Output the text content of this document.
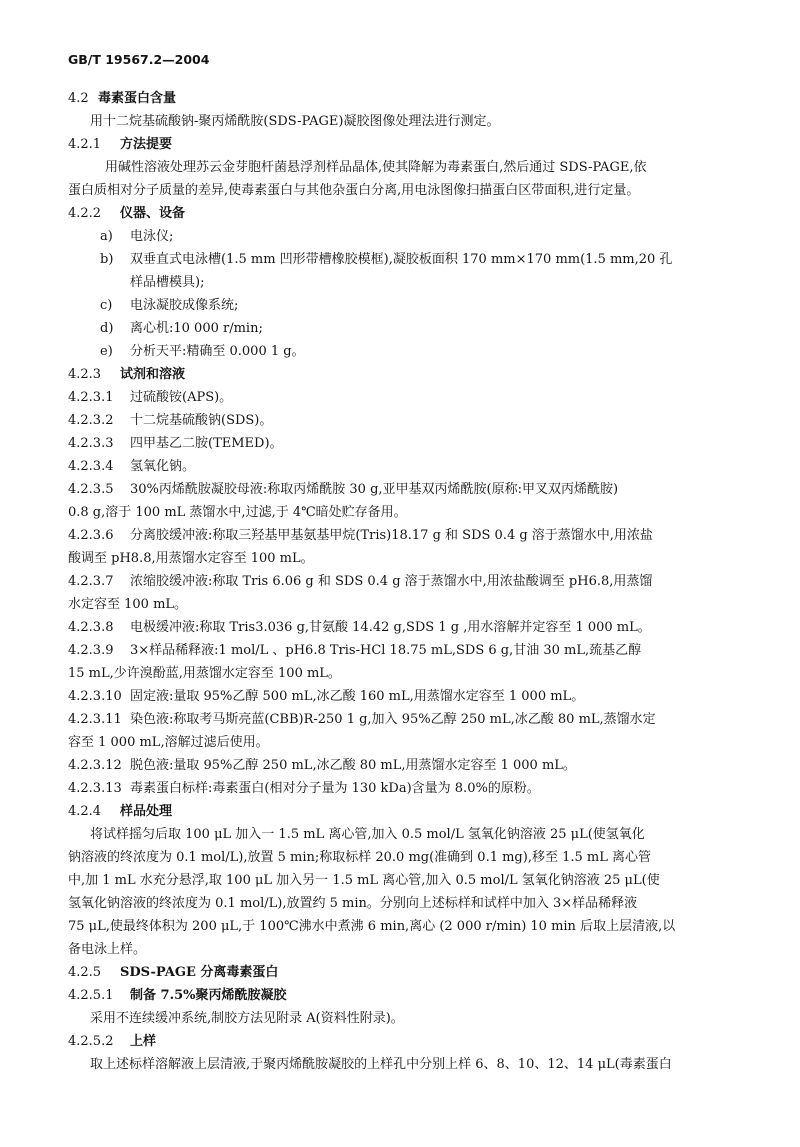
GB/T 19567.2—2004
4.2 毒素蛋白含量
用十二烷基硫酸钠-聚丙烯酰胺(SDS-PAGE)凝胶图像处理法进行测定。
4.2.1 方法提要
用碱性溶液处理苏云金芽胞杆菌悬浮剂样品晶体,使其降解为毒素蛋白,然后通过 SDS-PAGE,依
蛋白质相对分子质量的差异,使毒素蛋白与其他杂蛋白分离,用电泳图像扫描蛋白区带面积,进行定量。
4.2.2 仪器、设备
a) 电泳仪;
b) 双垂直式电泳槽(1.5 mm 凹形带槽橡胶模框),凝胶板面积 170 mm×170 mm(1.5 mm,20 孔
样品槽模具);
c) 电泳凝胶成像系统;
d) 离心机:10 000 r/min;
e) 分析天平:精确至 0.000 1 g。
4.2.3 试剂和溶液
4.2.3.1 过硫酸铵(APS)。
4.2.3.2 十二烷基硫酸钠(SDS)。
4.2.3.3 四甲基乙二胺(TEMED)。
4.2.3.4 氢氧化钠。
4.2.3.5 30%丙烯酰胺凝胶母液:称取丙烯酰胺 30 g,亚甲基双丙烯酰胺(原称:甲叉双丙烯酰胺)
0.8 g,溶于 100 mL 蒸馏水中,过滤,于 4℃暗处贮存备用。
4.2.3.6 分离胶缓冲液:称取三羟基甲基氨基甲烷(Tris)18.17 g 和 SDS 0.4 g 溶于蒸馏水中,用浓盐
酸调至 pH8.8,用蒸馏水定容至 100 mL。
4.2.3.7 浓缩胶缓冲液:称取 Tris 6.06 g 和 SDS 0.4 g 溶于蒸馏水中,用浓盐酸调至 pH6.8,用蒸馏
水定容至 100 mL。
4.2.3.8 电极缓冲液:称取 Tris3.036 g,甘氨酸 14.42 g,SDS 1 g ,用水溶解并定容至 1 000 mL。
4.2.3.9 3×样品稀释液:1 mol/L 、pH6.8 Tris-HCl 18.75 mL,SDS 6 g,甘油 30 mL,巯基乙醇
15 mL,少许溴酚蓝,用蒸馏水定容至 100 mL。
4.2.3.10 固定液:量取 95%乙醇 500 mL,冰乙酸 160 mL,用蒸馏水定容至 1 000 mL。
4.2.3.11 染色液:称取考马斯亮蓝(CBB)R-250 1 g,加入 95%乙醇 250 mL,冰乙酸 80 mL,蒸馏水定
容至 1 000 mL,溶解过滤后使用。
4.2.3.12 脱色液:量取 95%乙醇 250 mL,冰乙酸 80 mL,用蒸馏水定容至 1 000 mL。
4.2.3.13 毒素蛋白标样:毒素蛋白(相对分子量为 130 kDa)含量为 8.0%的原粉。
4.2.4 样品处理
将试样摇匀后取 100 μL 加入一 1.5 mL 离心管,加入 0.5 mol/L 氢氧化钠溶液 25 μL(使氢氧化
钠溶液的终浓度为 0.1 mol/L),放置 5 min;称取标样 20.0 mg(准确到 0.1 mg),移至 1.5 mL 离心管
中,加 1 mL 水充分悬浮,取 100 μL 加入另一 1.5 mL 离心管,加入 0.5 mol/L 氢氧化钠溶液 25 μL(使
氢氧化钠溶液的终浓度为 0.1 mol/L),放置约 5 min。分别向上述标样和试样中加入 3×样品稀释液
75 μL,使最终体积为 200 μL,于 100℃沸水中煮沸 6 min,离心 (2 000 r/min) 10 min 后取上层清液,以
备电泳上样。
4.2.5 SDS-PAGE 分离毒素蛋白
4.2.5.1 制备 7.5%聚丙烯酰胺凝胶
采用不连续缓冲系统,制胶方法见附录 A(资料性附录)。
4.2.5.2 上样
取上述标样溶解液上层清液,于聚丙烯酰胺凝胶的上样孔中分别上样 6、8、10、12、14 μL(毒素蛋白
